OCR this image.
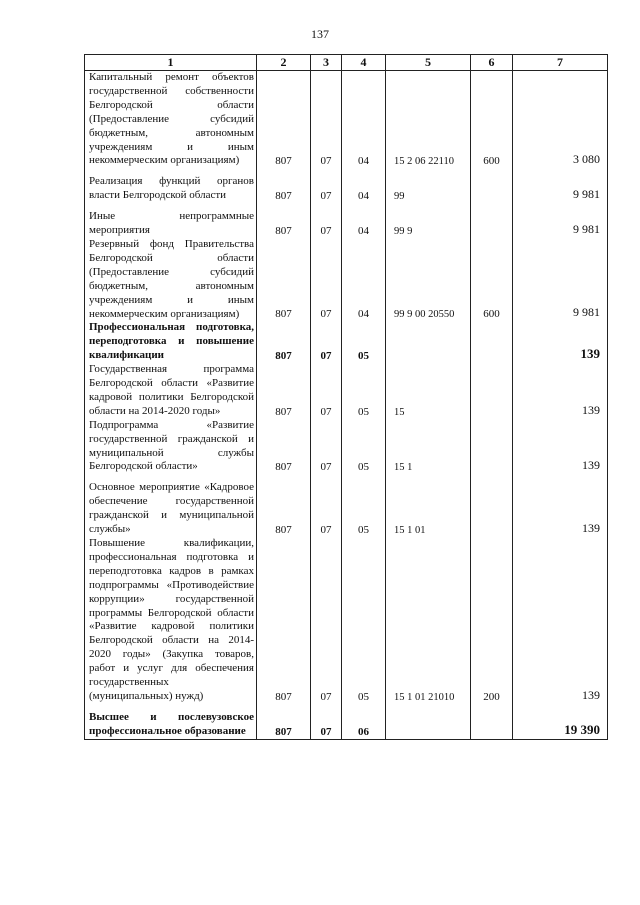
137
1	2	3	4	5	6	7
Капитальный ремонт объектов государственной собственности Белгородской области (Предоставление субсидий бюджетным, автономным учреждениям и иным некоммерческим организациям)	807	07	04	15 2 06 22110	600	3 080
Реализация функций органов власти Белгородской области	807	07	04	99		9 981
Иные непрограммные мероприятия	807	07	04	99 9		9 981
Резервный фонд Правительства Белгородской области (Предоставление субсидий бюджетным, автономным учреждениям и иным некоммерческим организациям)	807	07	04	99 9 00 20550	600	9 981
Профессиональная подготовка, переподготовка и повышение квалификации	807	07	05			139
Государственная программа Белгородской области «Развитие кадровой политики Белгородской области на 2014-2020 годы»	807	07	05	15		139
Подпрограмма «Развитие государственной гражданской и муниципальной службы Белгородской области»	807	07	05	15 1		139
Основное мероприятие «Кадровое обеспечение государственной гражданской и муниципальной службы»	807	07	05	15 1 01		139
Повышение квалификации, профессиональная подготовка и переподготовка кадров в рамках подпрограммы «Противодействие коррупции» государственной программы Белгородской области «Развитие кадровой политики Белгородской области на 2014-2020 годы» (Закупка товаров, работ и услуг для обеспечения государственных (муниципальных) нужд)	807	07	05	15 1 01 21010	200	139
Высшее и послевузовское профессиональное образование	807	07	06			19 390
